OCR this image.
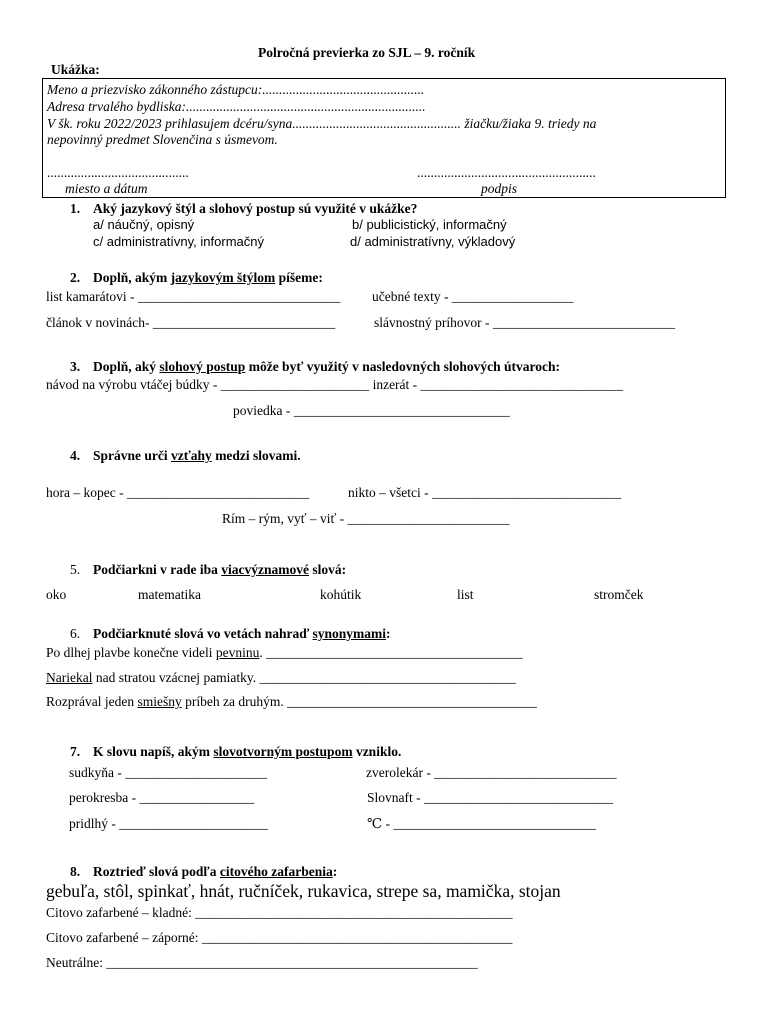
Polročná previerka zo SJL – 9. ročník
Ukážka:
Meno a priezvisko zákonného zástupcu:................................................
Adresa trvalého bydliska:.......................................................................
V šk. roku 2022/2023 prihlasujem dcéru/syna.................................................. žiačku/žiaka 9. triedy na
nepovinný predmet Slovenčina s úsmevom.
..........................................	.....................................................
miesto a dátum	podpis
1. Aký jazykový štýl a slohový postup sú využité v ukážke?
a/ náučný, opisný	b/ publicistický, informačný
c/ administratívny, informačný	d/ administratívny, výkladový
2. Doplň, akým jazykovým štýlom píšeme:
list kamarátovi - ______________________________ učebné texty - __________________
článok v novinách- ___________________________	slávnostný príhovor - ___________________________
3. Doplň, aký slohový postup môže byť využitý v nasledovných slohových útvaroch:
návod na výrobu vtáčej búdky - ______________________ inzerát - ______________________________
poviedka - ________________________________
4. Správne urči vzťahy medzi slovami.
hora – kopec - ___________________________	nikto – všetci - ____________________________
Rím – rým, vyť – viť - ________________________
5. Podčiarkni v rade iba viacvýznamové slová:
oko	matematika	kohútik	list	stromček
6. Podčiarknuté slová vo vetách nahraď synonymami:
Po dlhej plavbe konečne videli pevninu. ______________________________________
Nariekal nad stratou vzácnej pamiatky. ______________________________________
Rozprával jeden smiešny príbeh za druhým. _____________________________________
7. K slovu napíš, akým slovotvorným postupom vzniklo.
sudkyňa - _____________________	zverolekár - ___________________________
perokresba - _________________	Slovnaft - ____________________________
pridlhý - ______________________	℃ - ______________________________
8. Roztrieď slová podľa citového zafarbenia:
gebuľa, stôl, spinkať, hnát, ručníček, rukavica, strepe sa, mamička, stojan
Citovo zafarbené – kladné: _______________________________________________
Citovo zafarbené – záporné: ______________________________________________
Neutrálne: _______________________________________________________
